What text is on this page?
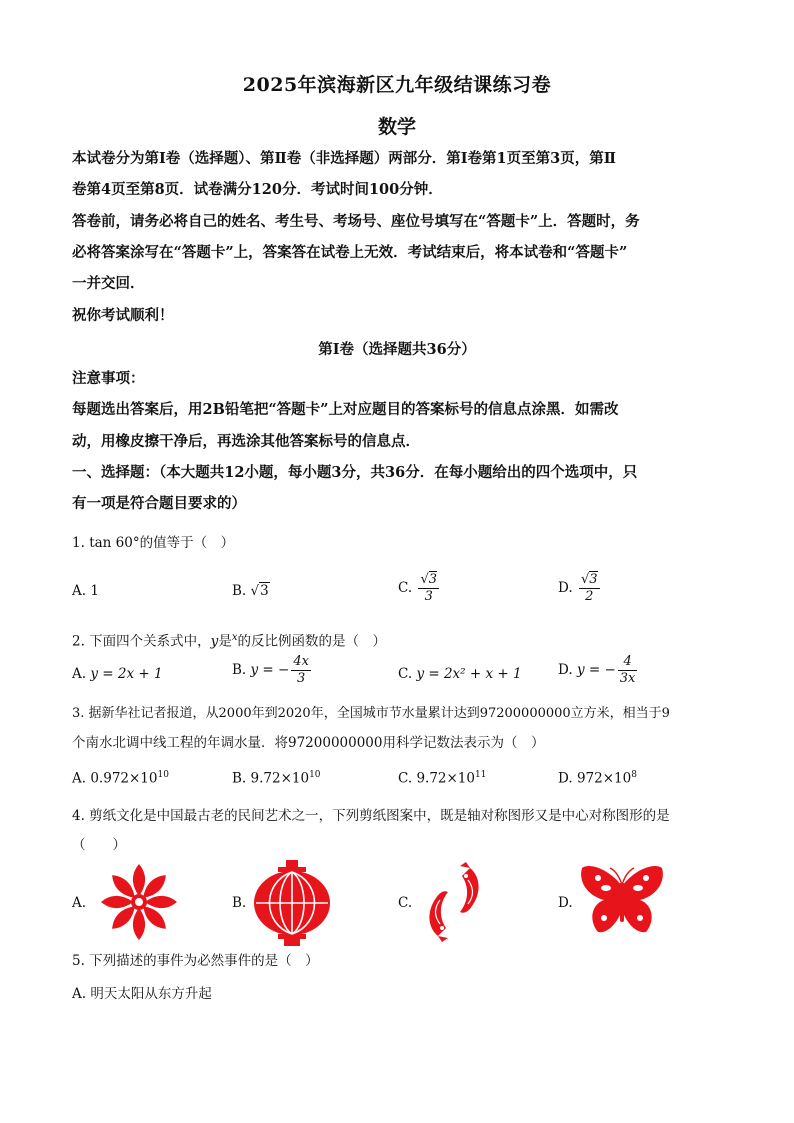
2025年滨海新区九年级结课练习卷
数学
本试卷分为第Ⅰ卷（选择题）、第Ⅱ卷（非选择题）两部分．第Ⅰ卷第1页至第3页，第Ⅱ
卷第4页至第8页．试卷满分120分．考试时间100分钟．
答卷前，请务必将自己的姓名、考生号、考场号、座位号填写在“答题卡”上．答题时，务
必将答案涂写在“答题卡”上，答案答在试卷上无效．考试结束后，将本试卷和“答题卡”
一并交回．
祝你考试顺利！
第Ⅰ卷（选择题共36分）
注意事项：
每题选出答案后，用2B铅笔把“答题卡”上对应题目的答案标号的信息点涂黑．如需改
动，用橡皮擦干净后，再选涂其他答案标号的信息点．
一、选择题：（本大题共12小题，每小题3分，共36分．在每小题给出的四个选项中，只
有一项是符合题目要求的）
1. tan 60°的值等于（　）
A. 1	B. √3	C. $\frac{√3}{3}$	D. $\frac{√3}{2}$
2. 下面四个关系式中，y是$^x$的反比例函数的是（　）
A. y = 2x + 1	B. y = − $\frac{4x}{3}$	C. y = 2x² + x + 1	D. y = − $\frac{4}{3x}$
3. 据新华社记者报道，从2000年到2020年，全国城市节水量累计达到97200000000立方米，相当于9
个南水北调中线工程的年调水量．将97200000000用科学记数法表示为（　）
A. $0.972\times 10^{10}$	B. $9.72\times 10^{10}$	C. $9.72\times 10^{11}$	D. $972\times 10^8$
4. 剪纸文化是中国最古老的民间艺术之一，下列剪纸图案中，既是轴对称图形又是中心对称图形的是
（　　）
A.	B.	C.	D.
5. 下列描述的事件为必然事件的是（　）
A. 明天太阳从东方升起
